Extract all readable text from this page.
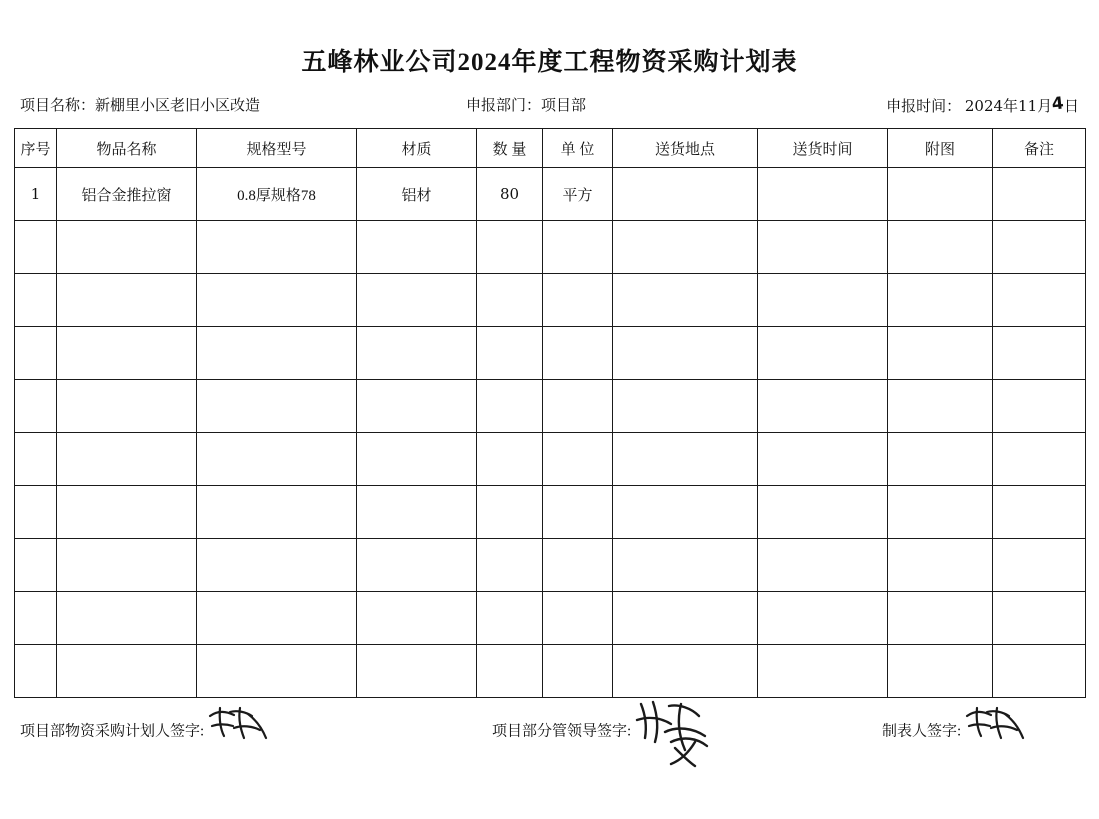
五峰林业公司2024年度工程物资采购计划表
项目名称：新棚里小区老旧小区改造	申报部门：项目部	申报时间： 2024年11月4日
序号	物品名称	规格型号	材质	数 量	单 位	送货地点	送货时间	附图	备注
1	铝合金推拉窗	0.8厚规格78	铝材	80	平方				

项目部物资采购计划人签字:	项目部分管领导签字:	制表人签字:
